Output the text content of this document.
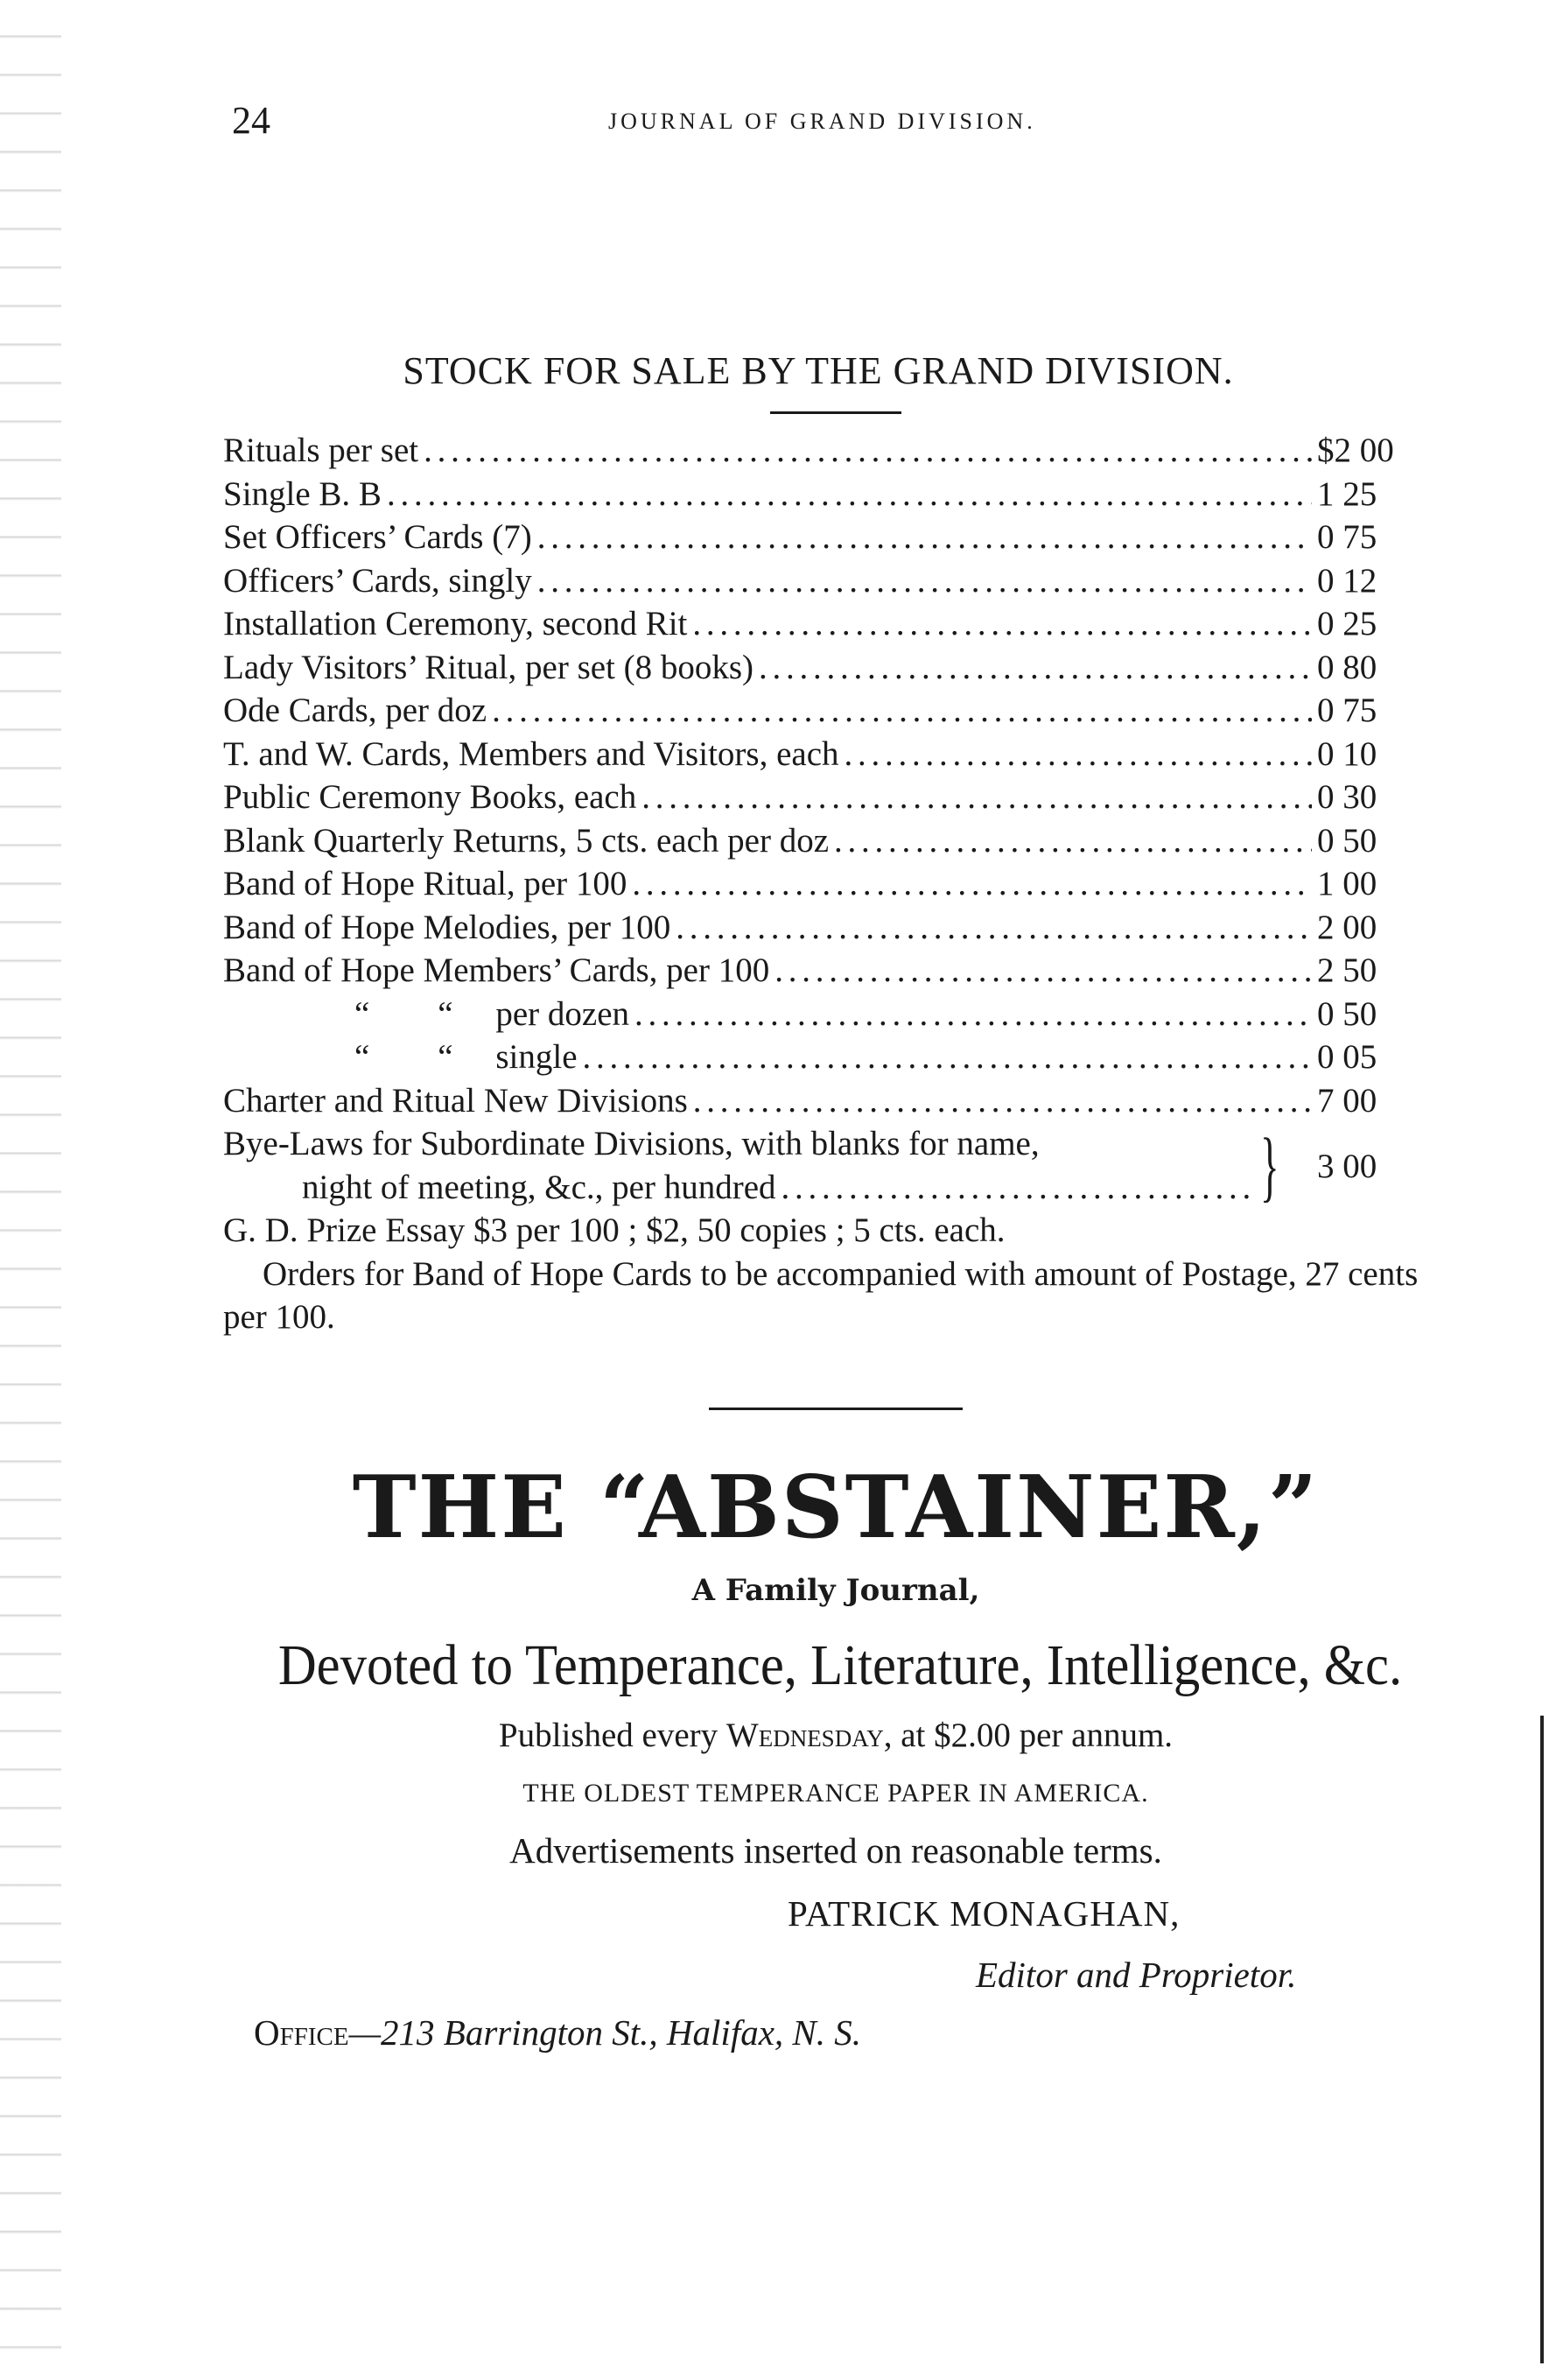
24	JOURNAL OF GRAND DIVISION.
STOCK FOR SALE BY THE GRAND DIVISION.
Rituals per set . . .	$2 00
Single B. B . . .	1 25
Set Officers’ Cards (7) . . .	0 75
Officers’ Cards, singly . . .	0 12
Installation Ceremony, second Rit . . .	0 25
Lady Visitors’ Ritual, per set (8 books) . . .	0 80
Ode Cards, per doz . . .	0 75
T. and W. Cards, Members and Visitors, each . . .	0 10
Public Ceremony Books, each . . .	0 30
Blank Quarterly Returns, 5 cts. each per doz . . .	0 50
Band of Hope Ritual, per 100 . . .	1 00
Band of Hope Melodies, per 100 . . .	2 00
Band of Hope Members’ Cards, per 100 . . .	2 50
“        “     per dozen . . .	0 50
“        “     single . . .	0 05
Charter and Ritual New Divisions . . .	7 00
Bye-Laws for Subordinate Divisions, with blanks for name,
night of meeting, &c., per hundred . . .	} 3 00
G. D. Prize Essay $3 per 100 ; $2, 50 copies ; 5 cts. each.
Orders for Band of Hope Cards to be accompanied with amount of Postage, 27 cents per 100.
THE “ABSTAINER,”
A Family Journal,
Devoted to Temperance, Literature, Intelligence, &c.
Published every Wednesday, at $2.00 per annum.
THE OLDEST TEMPERANCE PAPER IN AMERICA.
Advertisements inserted on reasonable terms.
PATRICK MONAGHAN,
Editor and Proprietor.
Office—213 Barrington St., Halifax, N. S.
